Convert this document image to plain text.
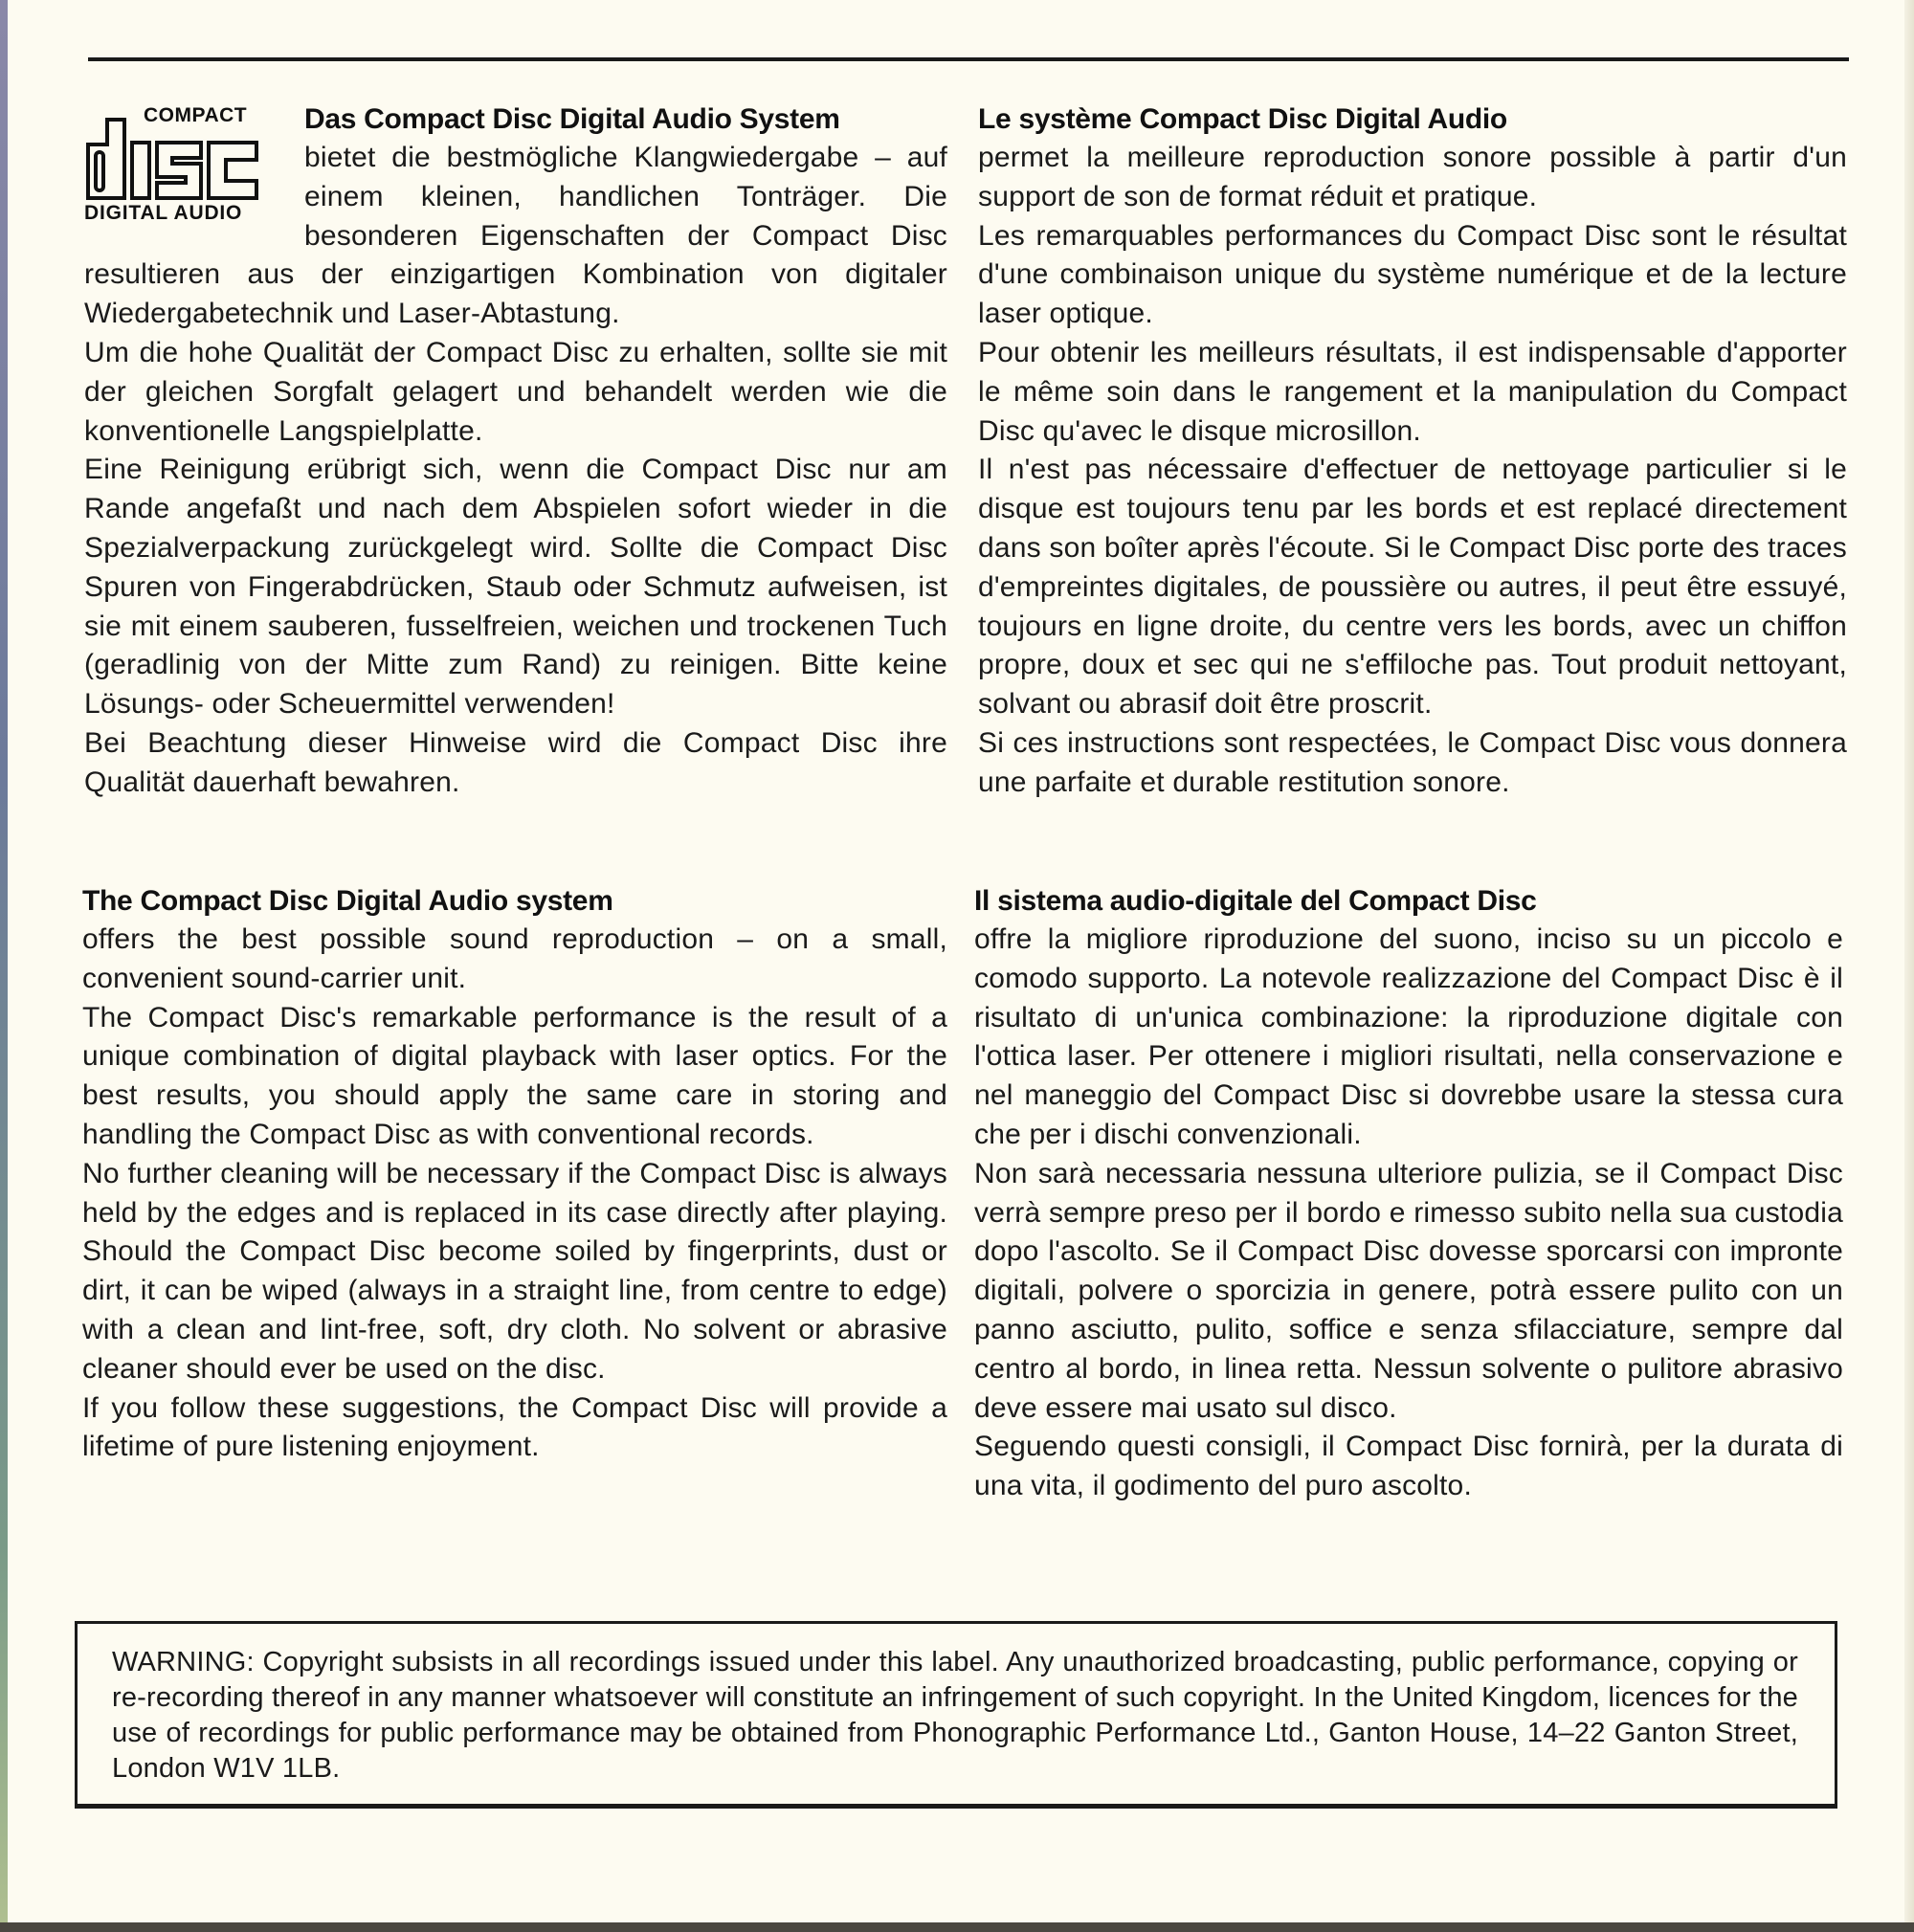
COMPACT
DIGITAL AUDIO
Das Compact Disc Digital Audio System

bietet die bestmögliche Klangwiedergabe – auf einem kleinen, handlichen Tonträger. Die besonderen Eigenschaften der Compact Disc resultieren aus der einzigartigen Kombination von digitaler Wiedergabetechnik und Laser-Abtastung.

Um die hohe Qualität der Compact Disc zu erhalten, sollte sie mit der gleichen Sorgfalt gelagert und behandelt werden wie die konventionelle Langspielplatte.

Eine Reinigung erübrigt sich, wenn die Compact Disc nur am Rande angefaßt und nach dem Abspielen sofort wieder in die Spezialverpackung zurückgelegt wird. Sollte die Compact Disc Spuren von Fingerabdrücken, Staub oder Schmutz aufweisen, ist sie mit einem sauberen, fusselfreien, weichen und trockenen Tuch (geradlinig von der Mitte zum Rand) zu reinigen. Bitte keine Lösungs- oder Scheuermittel verwenden!

Bei Beachtung dieser Hinweise wird die Compact Disc ihre Qualität dauerhaft bewahren.

Le système Compact Disc Digital Audio

permet la meilleure reproduction sonore possible à partir d'un support de son de format réduit et pratique.

Les remarquables performances du Compact Disc sont le résultat d'une combinaison unique du système numérique et de la lecture laser optique.

Pour obtenir les meilleurs résultats, il est indispensable d'apporter le même soin dans le rangement et la manipulation du Compact Disc qu'avec le disque microsillon.

Il n'est pas nécessaire d'effectuer de nettoyage particulier si le disque est toujours tenu par les bords et est replacé directement dans son boîter après l'écoute. Si le Compact Disc porte des traces d'empreintes digitales, de poussière ou autres, il peut être essuyé, toujours en ligne droite, du centre vers les bords, avec un chiffon propre, doux et sec qui ne s'effiloche pas. Tout produit nettoyant, solvant ou abrasif doit être proscrit.

Si ces instructions sont respectées, le Compact Disc vous donnera une parfaite et durable restitution sonore.

The Compact Disc Digital Audio system

offers the best possible sound reproduction – on a small, convenient sound-carrier unit.

The Compact Disc's remarkable performance is the result of a unique combination of digital playback with laser optics. For the best results, you should apply the same care in storing and handling the Compact Disc as with conventional records.

No further cleaning will be necessary if the Compact Disc is always held by the edges and is replaced in its case directly after playing. Should the Compact Disc become soiled by fingerprints, dust or dirt, it can be wiped (always in a straight line, from centre to edge) with a clean and lint-free, soft, dry cloth. No solvent or abrasive cleaner should ever be used on the disc.

If you follow these suggestions, the Compact Disc will provide a lifetime of pure listening enjoyment.

Il sistema audio-digitale del Compact Disc

offre la migliore riproduzione del suono, inciso su un piccolo e comodo supporto. La notevole realizzazione del Compact Disc è il risultato di un'unica combinazione: la riproduzione digitale con l'ottica laser. Per ottenere i migliori risultati, nella conservazione e nel maneggio del Compact Disc si dovrebbe usare la stessa cura che per i dischi convenzionali.

Non sarà necessaria nessuna ulteriore pulizia, se il Compact Disc verrà sempre preso per il bordo e rimesso subito nella sua custodia dopo l'ascolto. Se il Compact Disc dovesse sporcarsi con impronte digitali, polvere o sporcizia in genere, potrà essere pulito con un panno asciutto, pulito, soffice e senza sfilacciature, sempre dal centro al bordo, in linea retta. Nessun solvente o pulitore abrasivo deve essere mai usato sul disco.

Seguendo questi consigli, il Compact Disc fornirà, per la durata di una vita, il godimento del puro ascolto.

WARNING: Copyright subsists in all recordings issued under this label. Any unauthorized broadcasting, public performance, copying or re-recording thereof in any manner whatsoever will constitute an infringement of such copyright. In the United Kingdom, licences for the use of recordings for public performance may be obtained from Phonographic Performance Ltd., Ganton House, 14–22 Ganton Street, London W1V 1LB.
